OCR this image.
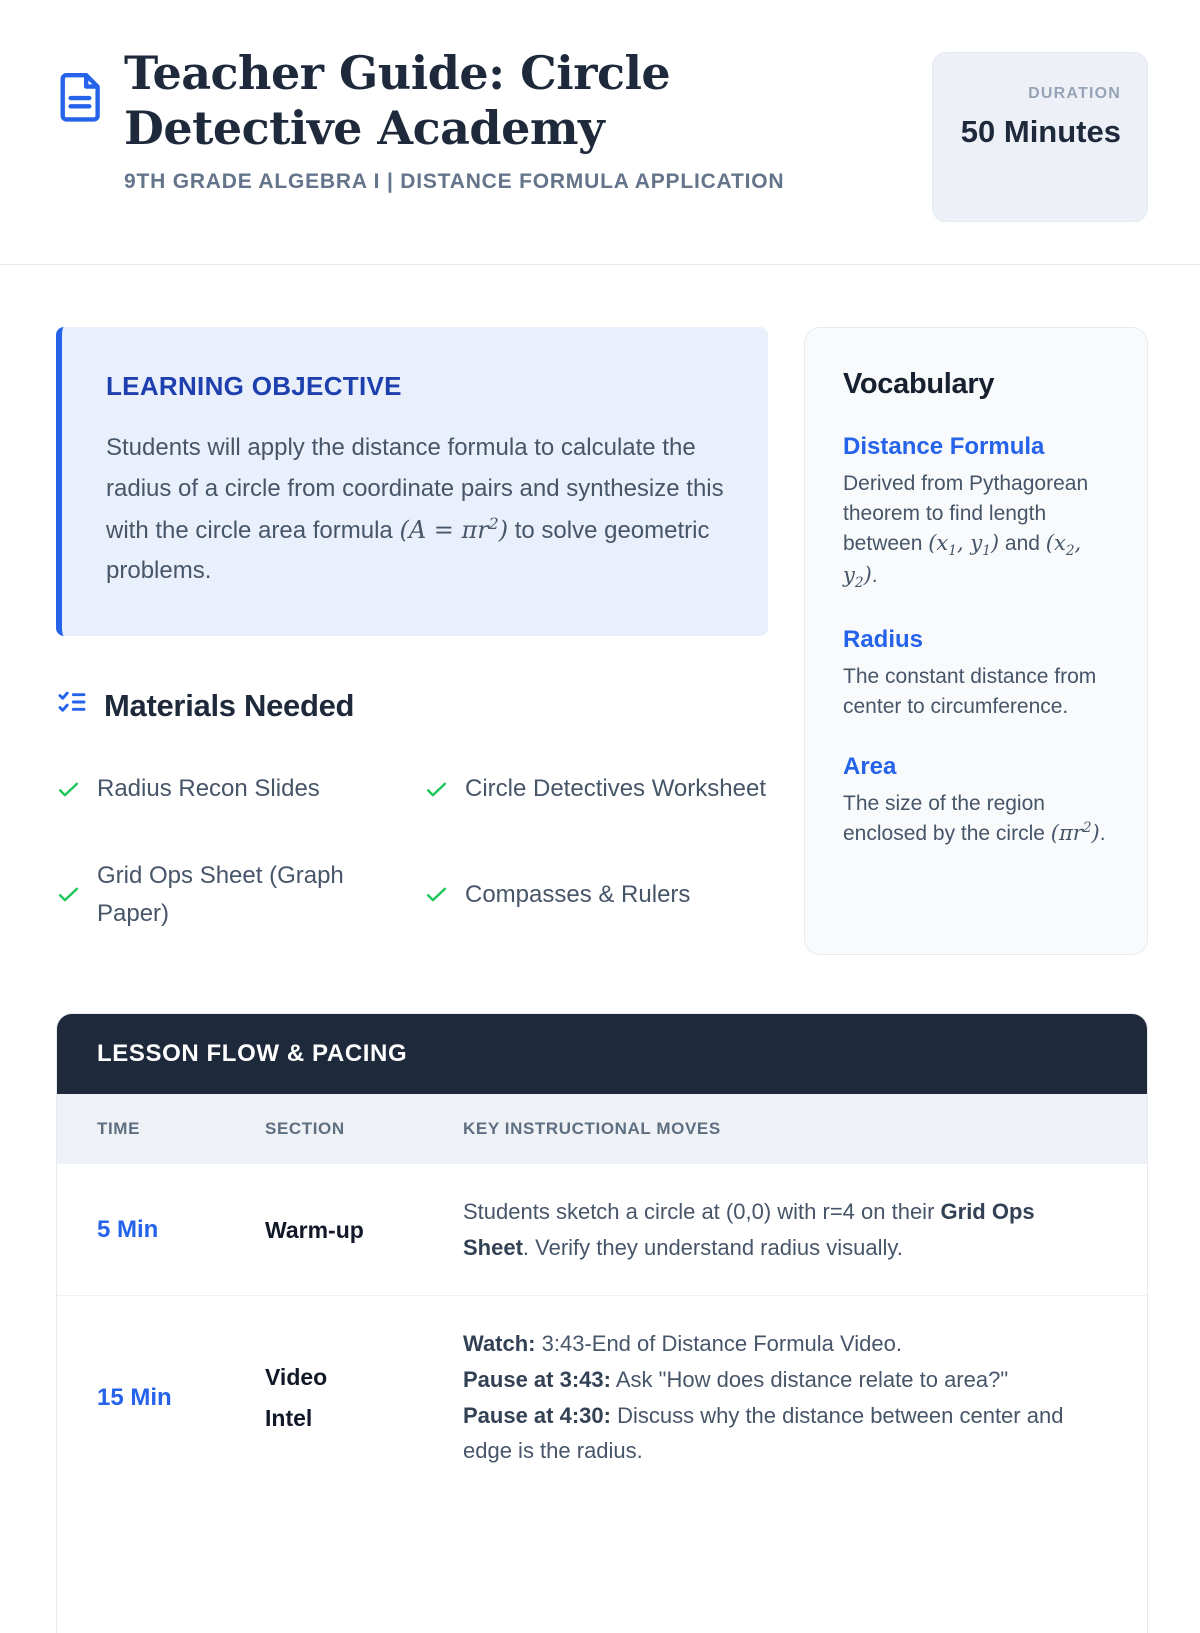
Teacher Guide: Circle Detective Academy
9TH GRADE ALGEBRA I | DISTANCE FORMULA APPLICATION
DURATION
50 Minutes
LEARNING OBJECTIVE

Students will apply the distance formula to calculate the radius of a circle from coordinate pairs and synthesize this with the circle area formula $(A = \pi r^2)$ to solve geometric problems.

Materials Needed
Radius Recon Slides	Circle Detectives Worksheet
Grid Ops Sheet (Graph Paper)
Compasses & Rulers
Vocabulary
Distance Formula
Derived from Pythagorean theorem to find length between ($x_1$, $y_1$) and ($x_2$, $y_2$).
Radius
The constant distance from center to circumference.
Area
The size of the region enclosed by the circle $(\pi r^2)$.
LESSON FLOW & PACING
TIME	SECTION	KEY INSTRUCTIONAL MOVES
5 Min	Warm-up	Students sketch a circle at (0,0) with r=4 on their Grid Ops Sheet. Verify they understand radius visually.
15 Min	Video Intel	Watch: 3:43-End of Distance Formula Video.
Pause at 3:43: Ask "How does distance relate to area?"
Pause at 4:30: Discuss why the distance between center and edge is the radius.
